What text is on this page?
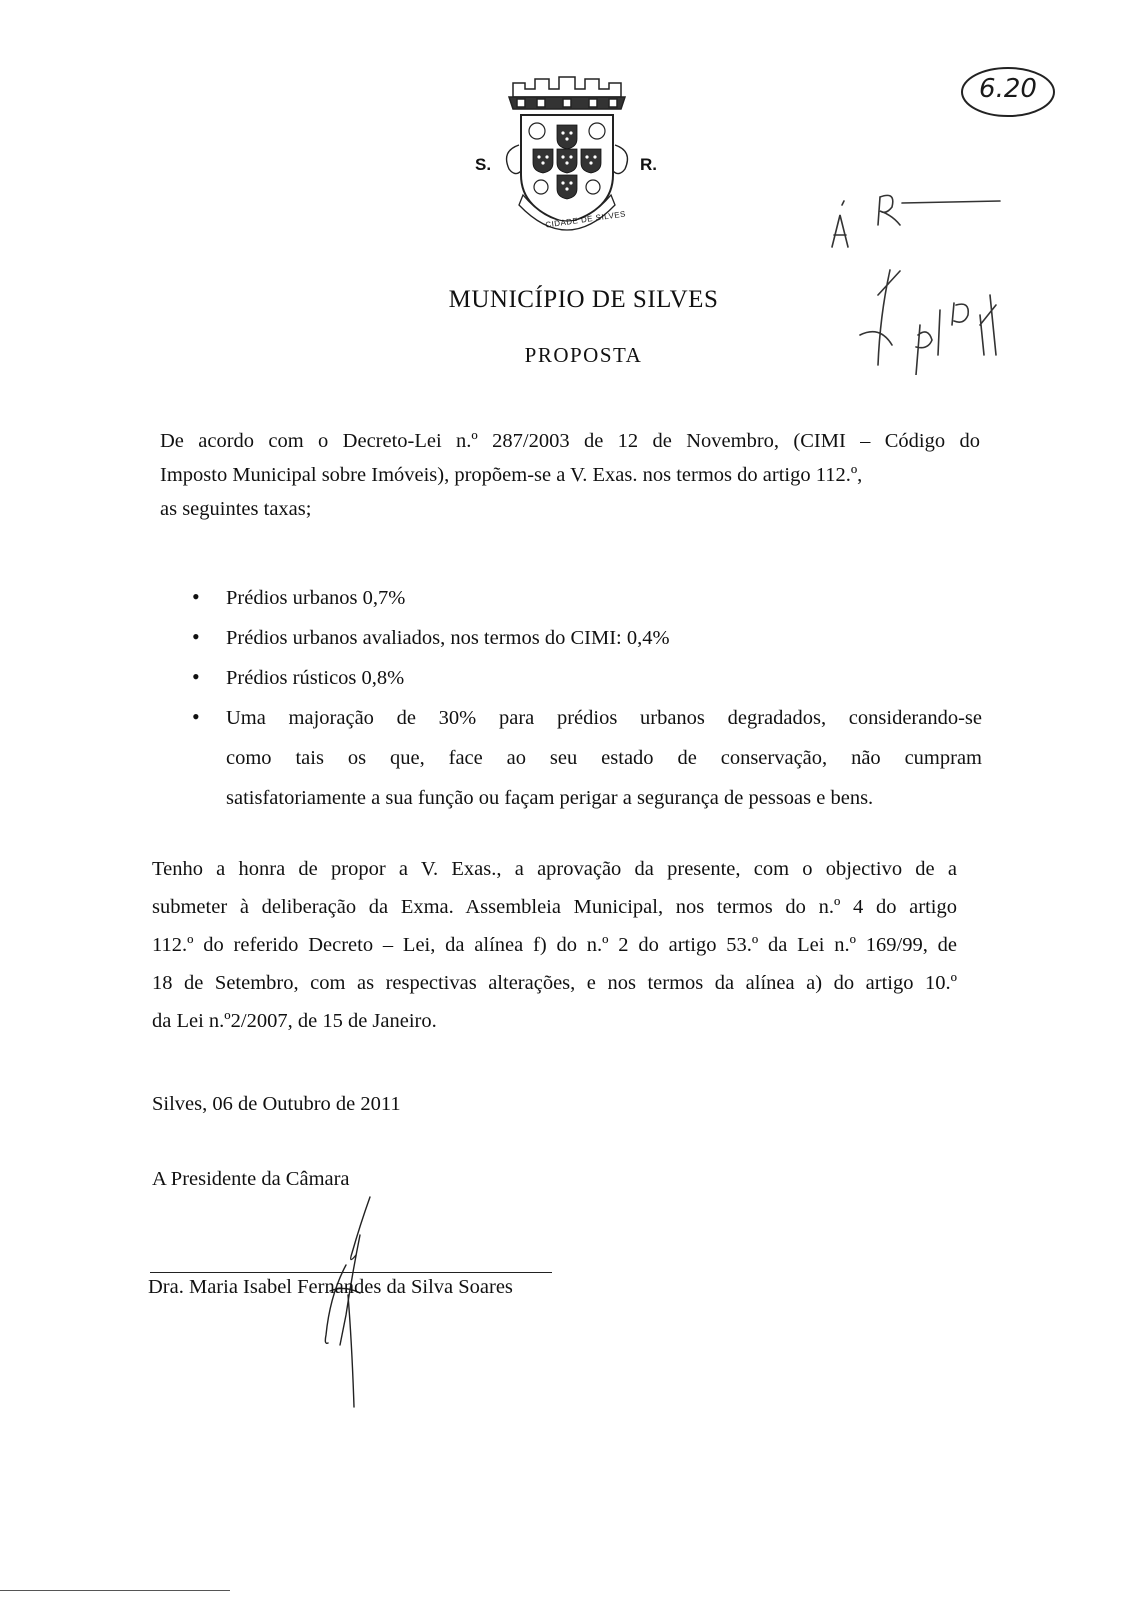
S.	R.
CIDADE DE SILVES
6.20
MUNICÍPIO DE SILVES
PROPOSTA

De acordo com o Decreto-Lei n.º 287/2003 de 12 de Novembro, (CIMI – Código do
Imposto Municipal sobre Imóveis), propõem-se a V. Exas. nos termos do artigo 112.º,
as seguintes taxas;

• Prédios urbanos 0,7%
• Prédios urbanos avaliados, nos termos do CIMI: 0,4%
• Prédios rústicos 0,8%
• Uma majoração de 30% para prédios urbanos degradados, considerando-se
como tais os que, face ao seu estado de conservação, não cumpram
satisfatoriamente a sua função ou façam perigar a segurança de pessoas e bens.

Tenho a honra de propor a V. Exas., a aprovação da presente, com o objectivo de a
submeter à deliberação da Exma. Assembleia Municipal, nos termos do n.º 4 do artigo
112.º do referido Decreto – Lei, da alínea f) do n.º 2 do artigo 53.º da Lei n.º 169/99, de
18 de Setembro, com as respectivas alterações, e nos termos da alínea a) do artigo 10.º
da Lei n.º2/2007, de 15 de Janeiro.

Silves, 06 de Outubro de 2011
A Presidente da Câmara
Dra. Maria Isabel Fernandes da Silva Soares
